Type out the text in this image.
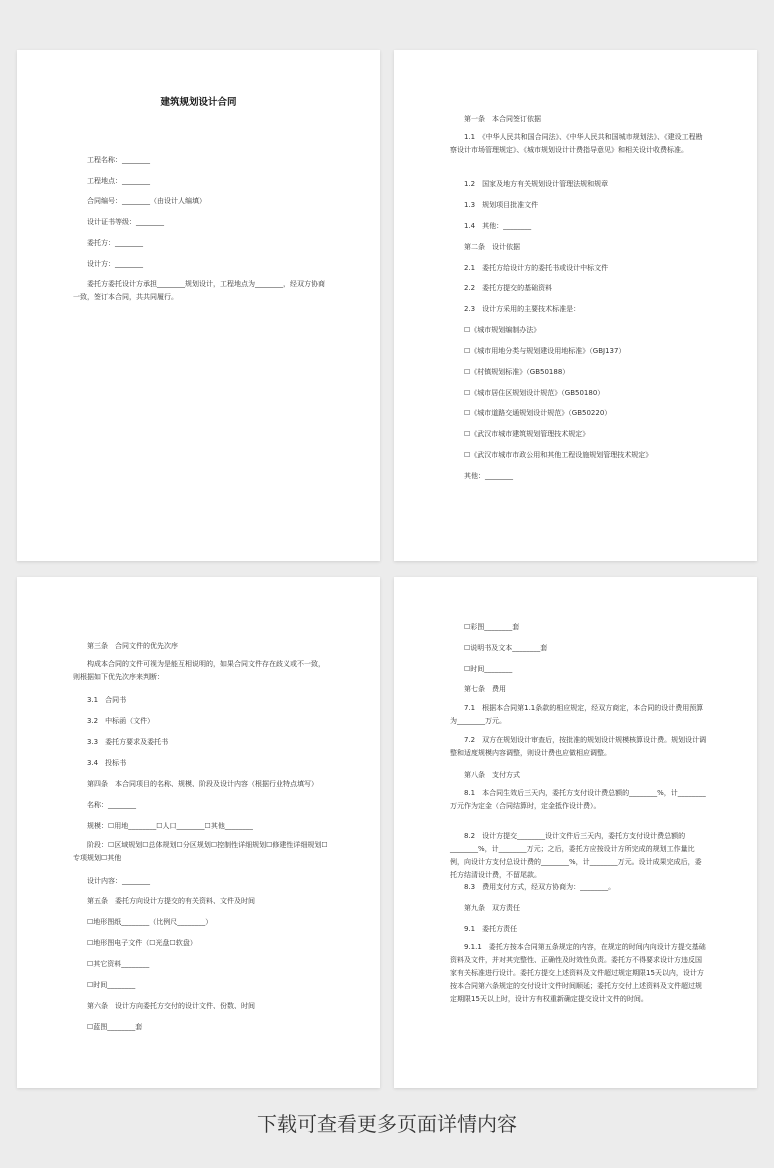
建筑规划设计合同
工程名称：________
工程地点：________
合同编号：________（由设计人编填）
设计证书等级：________
委托方：________
设计方：________
委托方委托设计方承担________规划设计，工程地点为________，经双方协商一致，签订本合同，共共同履行。
第一条　本合同签订依据
1.1　《中华人民共和国合同法》、《中华人民共和国城市规划法》、《建设工程勘察设计市场管理规定》、《城市规划设计计费指导意见》和相关设计收费标准。
1.2　国家及地方有关规划设计管理法规和规章
1.3　规划项目批准文件
1.4　其他：________
第二条　设计依据
2.1　委托方给设计方的委托书或设计中标文件
2.2　委托方提交的基础资料
2.3　设计方采用的主要技术标准是：
☐《城市规划编制办法》
☐《城市用地分类与规划建设用地标准》（GBJ137）
☐《村镇规划标准》（GB50188）
☐《城市居住区规划设计规范》（GB50180）
☐《城市道路交通规划设计规范》（GB50220）
☐《武汉市城市建筑规划管理技术规定》
☐《武汉市城市市政公用和其他工程设施规划管理技术规定》
其他：________
第三条　合同文件的优先次序
构成本合同的文件可视为是能互相说明的，如果合同文件存在歧义或不一致，则根据如下优先次序来判断：
3.1　合同书
3.2　中标函（文件）
3.3　委托方要求及委托书
3.4　投标书
第四条　本合同项目的名称、规模、阶段及设计内容（根据行业特点填写）
名称：________
规模：☐用地________☐人口________☐其他________
阶段：☐区域规划☐总体规划☐分区规划☐控制性详细规划☐修建性详细规划☐专项规划☐其他
设计内容：________
第五条　委托方向设计方提交的有关资料、文件及时间
☐地形图纸________（比例尺________）
☐地形图电子文件（☐光盘☐软盘）
☐其它资料________
☐时间________
第六条　设计方向委托方交付的设计文件、份数、时间
☐蓝图________套
☐彩图________套
☐说明书及文本________套
☐时间________
第七条　费用
7.1　根据本合同第1.1条款的相应规定，经双方商定，本合同的设计费用预算为________万元。
7.2　双方在规划设计审查后，按批准的规划设计规模核算设计费。规划设计调整和适度规模内容调整，则设计费也应做相应调整。
第八条　支付方式
8.1　本合同生效后三天内，委托方支付设计费总额的________%，计________万元作为定金（合同结算时，定金抵作设计费）。
8.2　设计方提交________设计文件后三天内，委托方支付设计费总额的________%，计________万元；之后，委托方应按设计方所完成的规划工作量比例，向设计方支付总设计费的________%，计________万元。设计成果完成后，委托方结清设计费，不留尾款。
8.3　费用支付方式，经双方协商为：________。
第九条　双方责任
9.1　委托方责任
9.1.1　委托方按本合同第五条规定的内容，在规定的时间内向设计方提交基础资料及文件，并对其完整性、正确性及时效性负责。委托方不得要求设计方违反国家有关标准进行设计。委托方提交上述资料及文件超过规定期限15天以内，设计方按本合同第六条规定的交付设计文件时间顺延；委托方交付上述资料及文件超过规定期限15天以上时，设计方有权重新确定提交设计文件的时间。
下载可查看更多页面详情内容
